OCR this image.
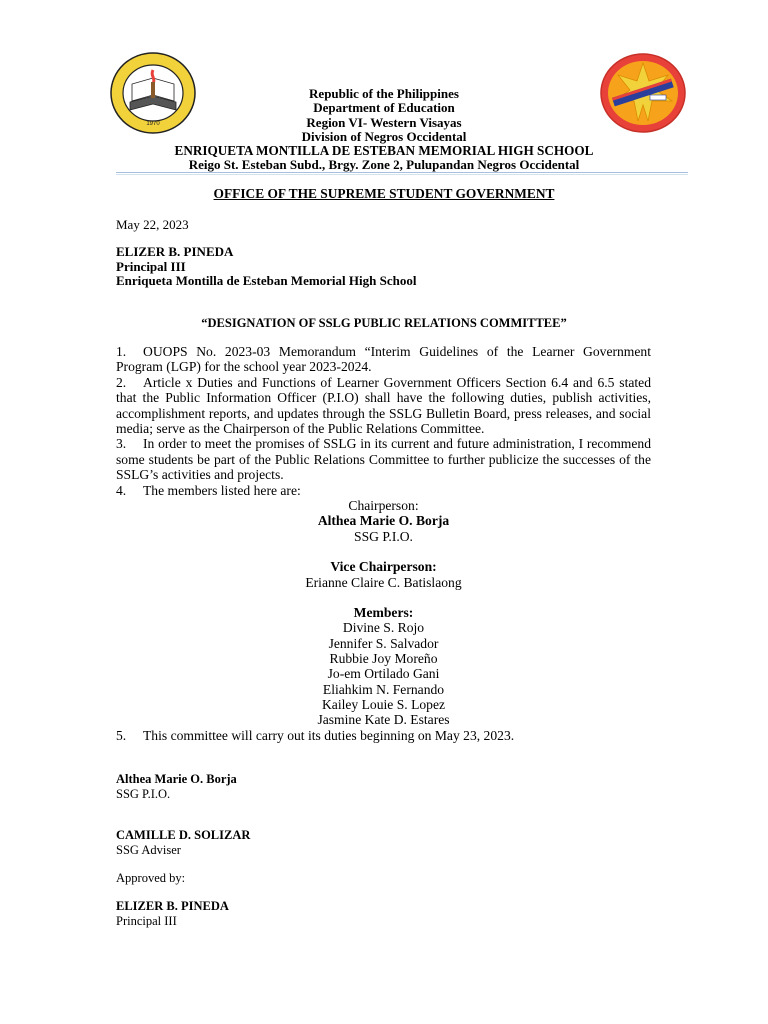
1970
Republic of the Philippines
Department of Education
Region VI- Western Visayas
Division of Negros Occidental
ENRIQUETA MONTILLA DE ESTEBAN MEMORIAL HIGH SCHOOL
Reigo St. Esteban Subd., Brgy. Zone 2, Pulupandan Negros Occidental
OFFICE OF THE SUPREME STUDENT GOVERNMENT
May 22, 2023
ELIZER B. PINEDA
Principal III
Enriqueta Montilla de Esteban Memorial High School
“DESIGNATION OF SSLG PUBLIC RELATIONS COMMITTEE”

1. OUOPS No. 2023-03 Memorandum “Interim Guidelines of the Learner Government Program (LGP) for the school year 2023-2024.

2. Article x Duties and Functions of Learner Government Officers Section 6.4 and 6.5 stated that the Public Information Officer (P.I.O) shall have the following duties, publish activities, accomplishment reports, and updates through the SSLG Bulletin Board, press releases, and social media; serve as the Chairperson of the Public Relations Committee.

3. In order to meet the promises of SSLG in its current and future administration, I recommend some students be part of the Public Relations Committee to further publicize the successes of the SSLG’s activities and projects.

4. The members listed here are:

Chairperson:
Althea Marie O. Borja
SSG P.I.O.
Vice Chairperson:
Erianne Claire C. Batislaong
Members:
Divine S. Rojo
Jennifer S. Salvador
Rubbie Joy Moreño
Jo-em Ortilado Gani
Eliahkim N. Fernando
Kailey Louie S. Lopez
Jasmine Kate D. Estares

5. This committee will carry out its duties beginning on May 23, 2023.

Althea Marie O. Borja
SSG P.I.O.
CAMILLE D. SOLIZAR
SSG Adviser
Approved by:
ELIZER B. PINEDA
Principal III
